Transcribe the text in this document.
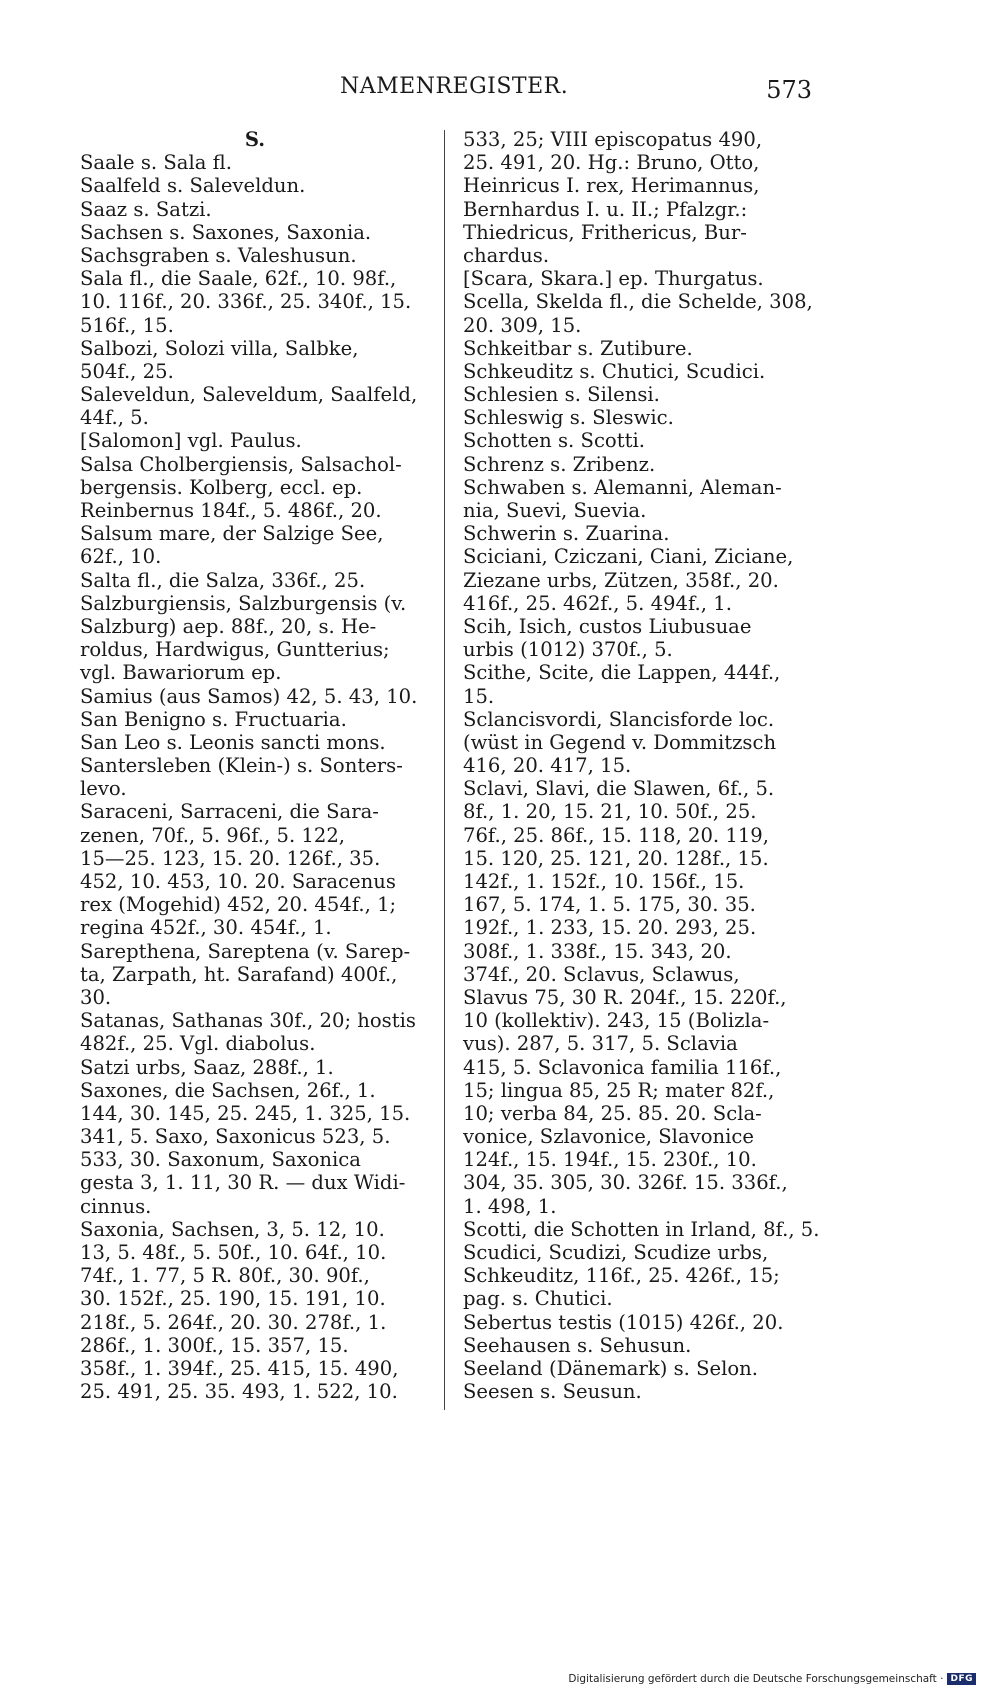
NAMENREGISTER.	573
S.
Saale s. Sala fl.
Saalfeld s. Saleveldun.
Saaz s. Satzi.
Sachsen s. Saxones, Saxonia.
Sachsgraben s. Valeshusun.
Sala fl., die Saale, 62f., 10. 98f.,
10. 116f., 20. 336f., 25. 340f., 15.
516f., 15.
Salbozi, Solozi villa, Salbke,
504f., 25.
Saleveldun, Saleveldum, Saalfeld,
44f., 5.
[Salomon] vgl. Paulus.
Salsa Cholbergiensis, Salsachol-
bergensis. Kolberg, eccl. ep.
Reinbernus 184f., 5. 486f., 20.
Salsum mare, der Salzige See,
62f., 10.
Salta fl., die Salza, 336f., 25.
Salzburgiensis, Salzburgensis (v.
Salzburg) aep. 88f., 20, s. He-
roldus, Hardwigus, Guntterius;
vgl. Bawariorum ep.
Samius (aus Samos) 42, 5. 43, 10.
San Benigno s. Fructuaria.
San Leo s. Leonis sancti mons.
Santersleben (Klein-) s. Sonters-
levo.
Saraceni, Sarraceni, die Sara-
zenen, 70f., 5. 96f., 5. 122,
15—25. 123, 15. 20. 126f., 35.
452, 10. 453, 10. 20. Saracenus
rex (Mogehid) 452, 20. 454f., 1;
regina 452f., 30. 454f., 1.
Sarepthena, Sareptena (v. Sarep-
ta, Zarpath, ht. Sarafand) 400f.,
30.
Satanas, Sathanas 30f., 20; hostis
482f., 25. Vgl. diabolus.
Satzi urbs, Saaz, 288f., 1.
Saxones, die Sachsen, 26f., 1.
144, 30. 145, 25. 245, 1. 325, 15.
341, 5. Saxo, Saxonicus 523, 5.
533, 30. Saxonum, Saxonica
gesta 3, 1. 11, 30 R. — dux Widi-
cinnus.
Saxonia, Sachsen, 3, 5. 12, 10.
13, 5. 48f., 5. 50f., 10. 64f., 10.
74f., 1. 77, 5 R. 80f., 30. 90f.,
30. 152f., 25. 190, 15. 191, 10.
218f., 5. 264f., 20. 30. 278f., 1.
286f., 1. 300f., 15. 357, 15.
358f., 1. 394f., 25. 415, 15. 490,
25. 491, 25. 35. 493, 1. 522, 10.
533, 25; VIII episcopatus 490,
25. 491, 20. Hg.: Bruno, Otto,
Heinricus I. rex, Herimannus,
Bernhardus I. u. II.; Pfalzgr.:
Thiedricus, Frithericus, Bur-
chardus.
[Scara, Skara.] ep. Thurgatus.
Scella, Skelda fl., die Schelde, 308,
20. 309, 15.
Schkeitbar s. Zutibure.
Schkeuditz s. Chutici, Scudici.
Schlesien s. Silensi.
Schleswig s. Sleswic.
Schotten s. Scotti.
Schrenz s. Zribenz.
Schwaben s. Alemanni, Aleman-
nia, Suevi, Suevia.
Schwerin s. Zuarina.
Scicіani, Cziczani, Ciani, Ziciane,
Ziezane urbs, Zützen, 358f., 20.
416f., 25. 462f., 5. 494f., 1.
Scih, Isich, custos Liubusuae
urbis (1012) 370f., 5.
Scithe, Scite, die Lappen, 444f.,
15.
Sclancisvordi, Slancisforde loc.
(wüst in Gegend v. Dommitzsch
416, 20. 417, 15.
Sclavi, Slavi, die Slawen, 6f., 5.
8f., 1. 20, 15. 21, 10. 50f., 25.
76f., 25. 86f., 15. 118, 20. 119,
15. 120, 25. 121, 20. 128f., 15.
142f., 1. 152f., 10. 156f., 15.
167, 5. 174, 1. 5. 175, 30. 35.
192f., 1. 233, 15. 20. 293, 25.
308f., 1. 338f., 15. 343, 20.
374f., 20. Sclavus, Sclawus,
Slavus 75, 30 R. 204f., 15. 220f.,
10 (kollektiv). 243, 15 (Bolizla-
vus). 287, 5. 317, 5. Sclavia
415, 5. Sclavonica familia 116f.,
15; lingua 85, 25 R; mater 82f.,
10; verba 84, 25. 85. 20. Scla-
vonice, Szlavonice, Slavonice
124f., 15. 194f., 15. 230f., 10.
304, 35. 305, 30. 326f. 15. 336f.,
1. 498, 1.
Scotti, die Schotten in Irland, 8f., 5.
Scudici, Scudizi, Scudize urbs,
Schkeuditz, 116f., 25. 426f., 15;
pag. s. Chutici.
Sebertus testis (1015) 426f., 20.
Seehausen s. Sehusun.
Seeland (Dänemark) s. Selon.
Seesen s. Seusun.
Digitalisierung gefördert durch die Deutsche Forschungsgemeinschaft · DFG
